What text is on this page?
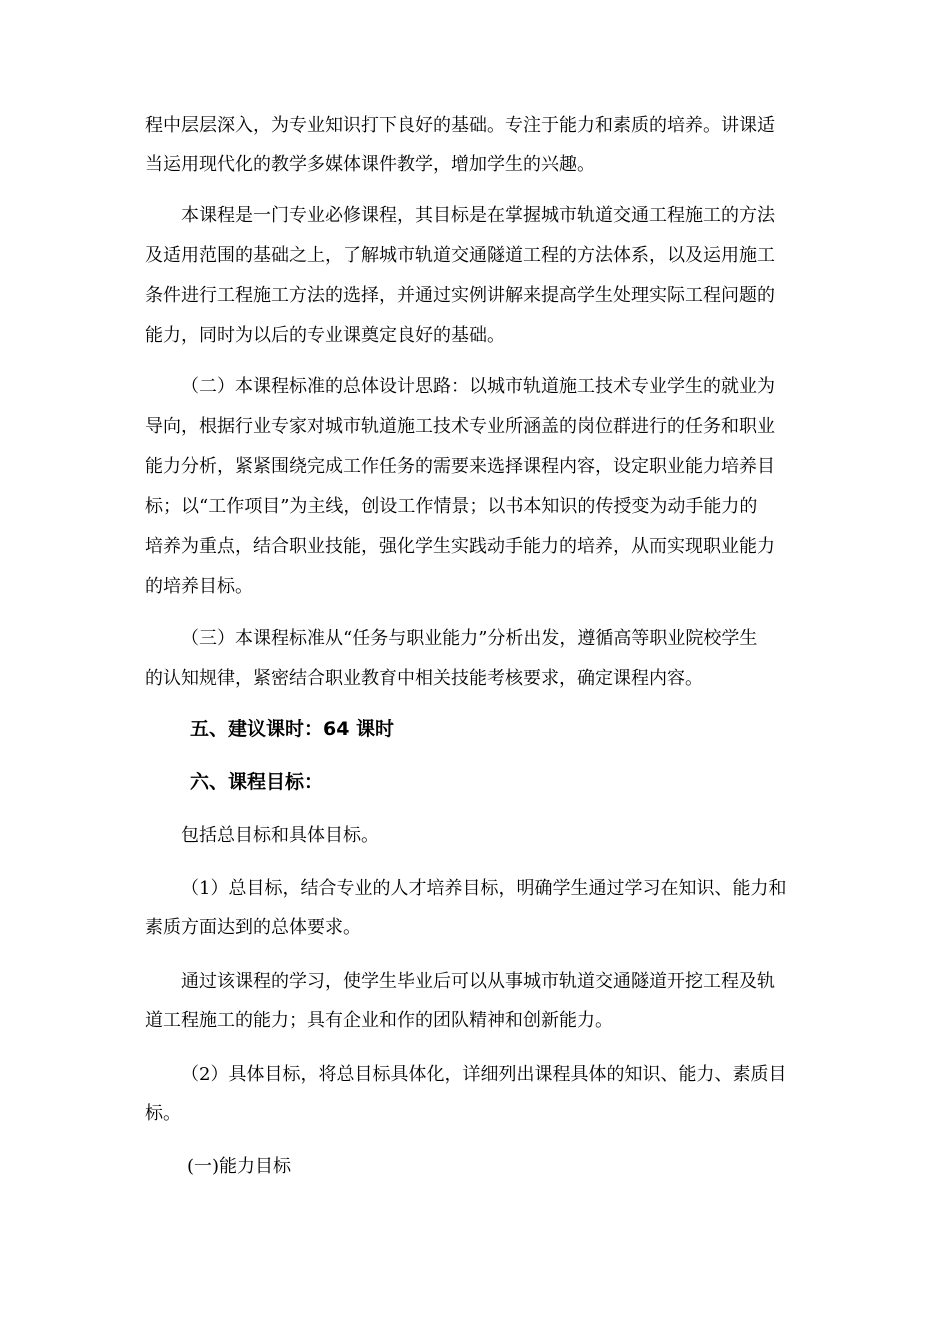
程中层层深入，为专业知识打下良好的基础。专注于能力和素质的培养。讲课适
当运用现代化的教学多媒体课件教学，增加学生的兴趣。
本课程是一门专业必修课程，其目标是在掌握城市轨道交通工程施工的方法
及适用范围的基础之上，了解城市轨道交通隧道工程的方法体系，以及运用施工
条件进行工程施工方法的选择，并通过实例讲解来提高学生处理实际工程问题的
能力，同时为以后的专业课奠定良好的基础。
（二）本课程标准的总体设计思路：以城市轨道施工技术专业学生的就业为
导向，根据行业专家对城市轨道施工技术专业所涵盖的岗位群进行的任务和职业
能力分析，紧紧围绕完成工作任务的需要来选择课程内容，设定职业能力培养目
标；以“工作项目”为主线，创设工作情景；以书本知识的传授变为动手能力的
培养为重点，结合职业技能，强化学生实践动手能力的培养，从而实现职业能力
的培养目标。
（三）本课程标准从“任务与职业能力”分析出发，遵循高等职业院校学生
的认知规律，紧密结合职业教育中相关技能考核要求，确定课程内容。
五、建议课时：64 课时
六、课程目标：
包括总目标和具体目标。
（1）总目标，结合专业的人才培养目标，明确学生通过学习在知识、能力和
素质方面达到的总体要求。
通过该课程的学习，使学生毕业后可以从事城市轨道交通隧道开挖工程及轨
道工程施工的能力；具有企业和作的团队精神和创新能力。
（2）具体目标，将总目标具体化，详细列出课程具体的知识、能力、素质目
标。
(一)能力目标
